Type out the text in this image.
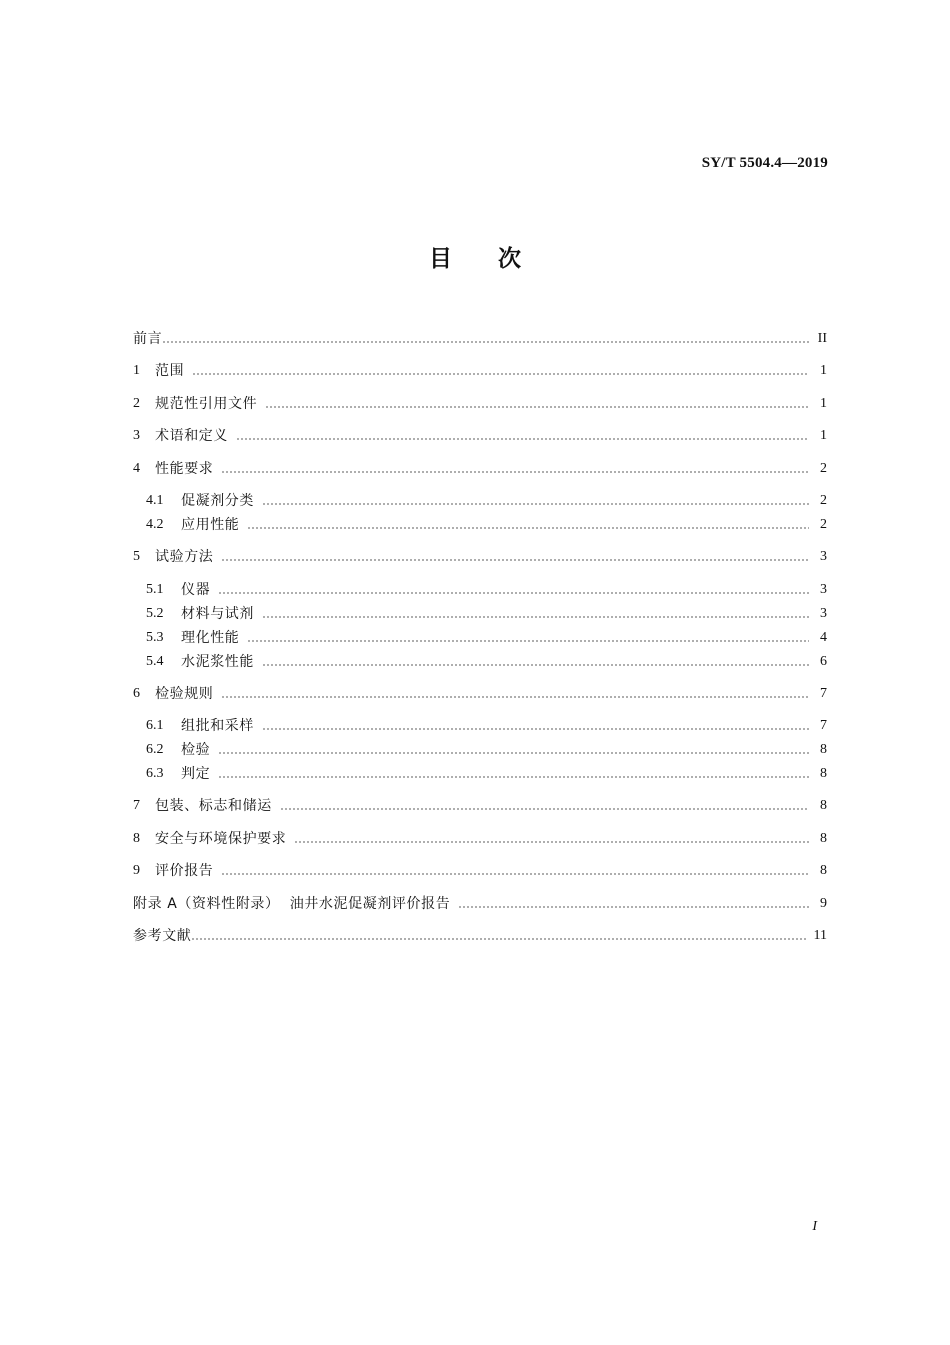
SY/T 5504.4—2019
目次
前言	II
1	范围	1
2	规范性引用文件	1
3	术语和定义	1
4	性能要求	2
4.1	促凝剂分类	2
4.2	应用性能	2
5	试验方法	3
5.1	仪器	3
5.2	材料与试剂	3
5.3	理化性能	4
5.4	水泥浆性能	6
6	检验规则	7
6.1	组批和采样	7
6.2	检验	8
6.3	判定	8
7	包装、标志和储运	8
8	安全与环境保护要求	8
9	评价报告	8
附录 A（资料性附录）  油井水泥促凝剂评价报告	9
参考文献	11
I
